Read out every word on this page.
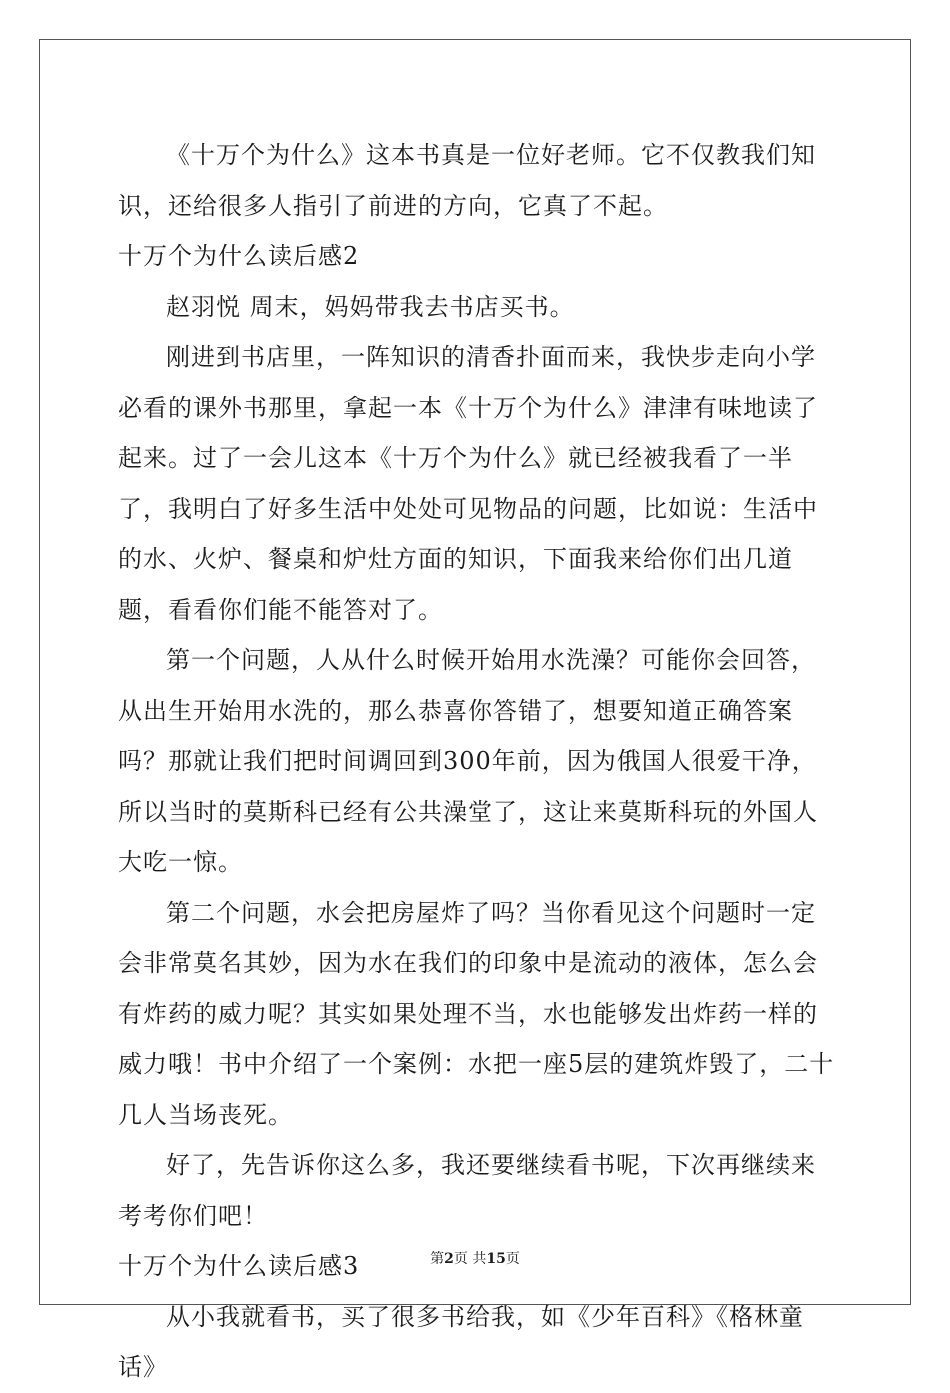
《十万个为什么》这本书真是一位好老师。它不仅教我们知识，还给很多人指引了前进的方向，它真了不起。

十万个为什么读后感2

赵羽悦 周末，妈妈带我去书店买书。

刚进到书店里，一阵知识的清香扑面而来，我快步走向小学必看的课外书那里，拿起一本《十万个为什么》津津有味地读了起来。过了一会儿这本《十万个为什么》就已经被我看了一半了，我明白了好多生活中处处可见物品的问题，比如说：生活中的水、火炉、餐桌和炉灶方面的知识，下面我来给你们出几道题，看看你们能不能答对了。

第一个问题，人从什么时候开始用水洗澡？可能你会回答，从出生开始用水洗的，那么恭喜你答错了，想要知道正确答案吗？那就让我们把时间调回到300年前，因为俄国人很爱干净，所以当时的莫斯科已经有公共澡堂了，这让来莫斯科玩的外国人大吃一惊。

第二个问题，水会把房屋炸了吗？当你看见这个问题时一定会非常莫名其妙，因为水在我们的印象中是流动的液体，怎么会有炸药的威力呢？其实如果处理不当，水也能够发出炸药一样的威力哦！书中介绍了一个案例：水把一座5层的建筑炸毁了，二十几人当场丧死。

好了，先告诉你这么多，我还要继续看书呢，下次再继续来考考你们吧！

十万个为什么读后感3

从小我就看书，买了很多书给我，如《少年百科》《格林童话》

第2页 共15页
